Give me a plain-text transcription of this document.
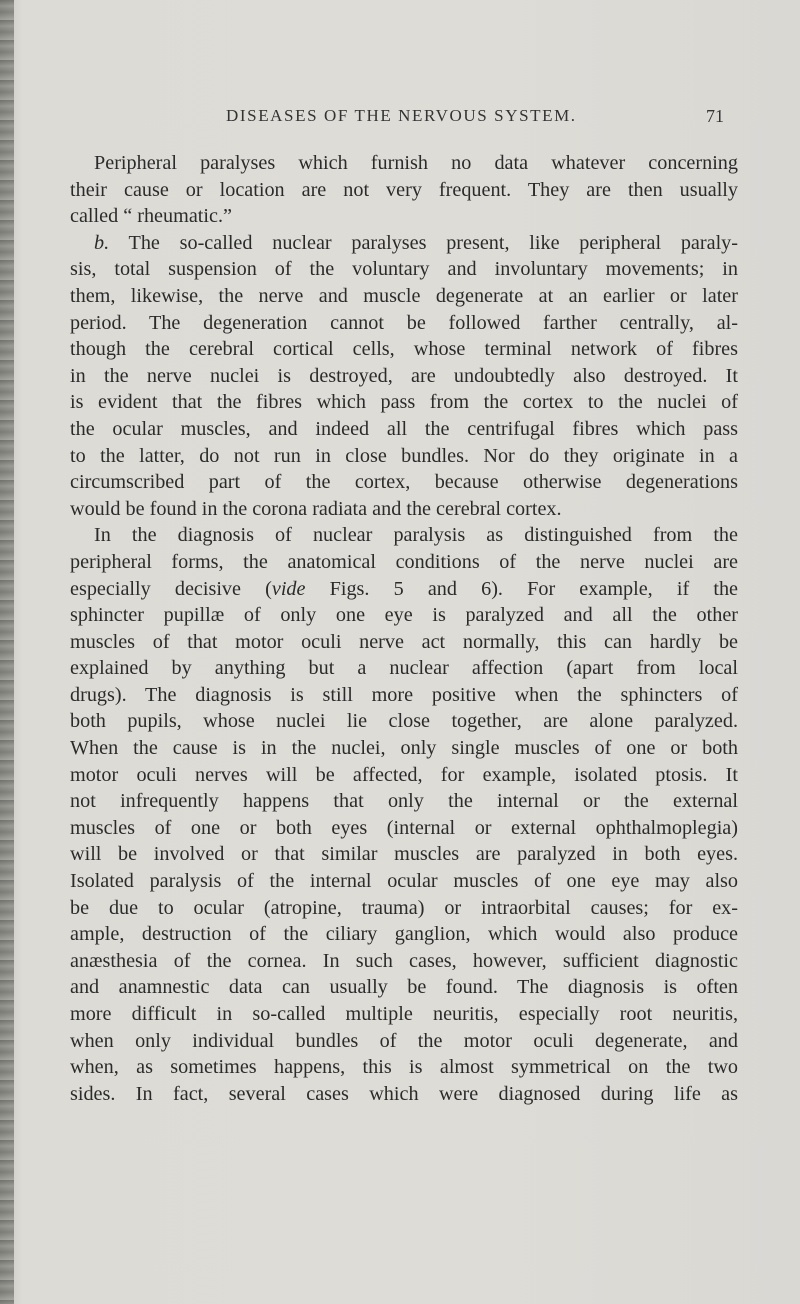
DISEASES OF THE NERVOUS SYSTEM.	71
Peripheral paralyses which furnish no data whatever concerning
their cause or location are not very frequent. They are then usually
called “ rheumatic.”
b. The so-called nuclear paralyses present, like peripheral paraly-
sis, total suspension of the voluntary and involuntary movements; in
them, likewise, the nerve and muscle degenerate at an earlier or later
period. The degeneration cannot be followed farther centrally, al-
though the cerebral cortical cells, whose terminal network of fibres
in the nerve nuclei is destroyed, are undoubtedly also destroyed. It
is evident that the fibres which pass from the cortex to the nuclei of
the ocular muscles, and indeed all the centrifugal fibres which pass
to the latter, do not run in close bundles. Nor do they originate in a
circumscribed part of the cortex, because otherwise degenerations
would be found in the corona radiata and the cerebral cortex.
In the diagnosis of nuclear paralysis as distinguished from the
peripheral forms, the anatomical conditions of the nerve nuclei are
especially decisive (vide Figs. 5 and 6). For example, if the
sphincter pupillæ of only one eye is paralyzed and all the other
muscles of that motor oculi nerve act normally, this can hardly be
explained by anything but a nuclear affection (apart from local
drugs). The diagnosis is still more positive when the sphincters of
both pupils, whose nuclei lie close together, are alone paralyzed.
When the cause is in the nuclei, only single muscles of one or both
motor oculi nerves will be affected, for example, isolated ptosis. It
not infrequently happens that only the internal or the external
muscles of one or both eyes (internal or external ophthalmoplegia)
will be involved or that similar muscles are paralyzed in both eyes.
Isolated paralysis of the internal ocular muscles of one eye may also
be due to ocular (atropine, trauma) or intraorbital causes; for ex-
ample, destruction of the ciliary ganglion, which would also produce
anæsthesia of the cornea. In such cases, however, sufficient diagnostic
and anamnestic data can usually be found. The diagnosis is often
more difficult in so-called multiple neuritis, especially root neuritis,
when only individual bundles of the motor oculi degenerate, and
when, as sometimes happens, this is almost symmetrical on the two
sides. In fact, several cases which were diagnosed during life as
